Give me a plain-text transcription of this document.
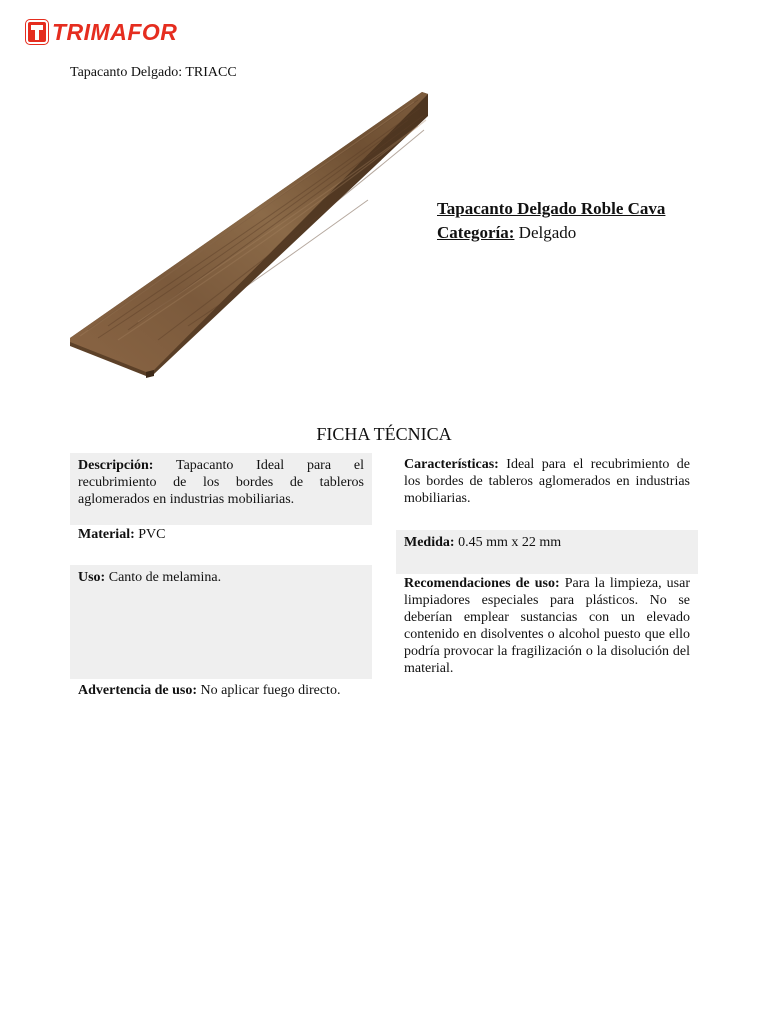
TRIMAFOR
Tapacanto Delgado: TRIACC
Tapacanto Delgado Roble Cava
Categoría: Delgado
FICHA TÉCNICA
Descripción: Tapacanto Ideal para el recubrimiento de los bordes de tableros aglomerados en industrias mobiliarias.
Material: PVC
Uso: Canto de melamina.
Advertencia de uso: No aplicar fuego directo.
Características: Ideal para el recubrimiento de los bordes de tableros aglomerados en industrias mobiliarias.
Medida: 0.45 mm x 22 mm
Recomendaciones de uso: Para la limpieza, usar limpiadores especiales para plásticos. No se deberían emplear sustancias con un elevado contenido en disolventes o alcohol puesto que ello podría provocar la fragilización o la disolución del material.
